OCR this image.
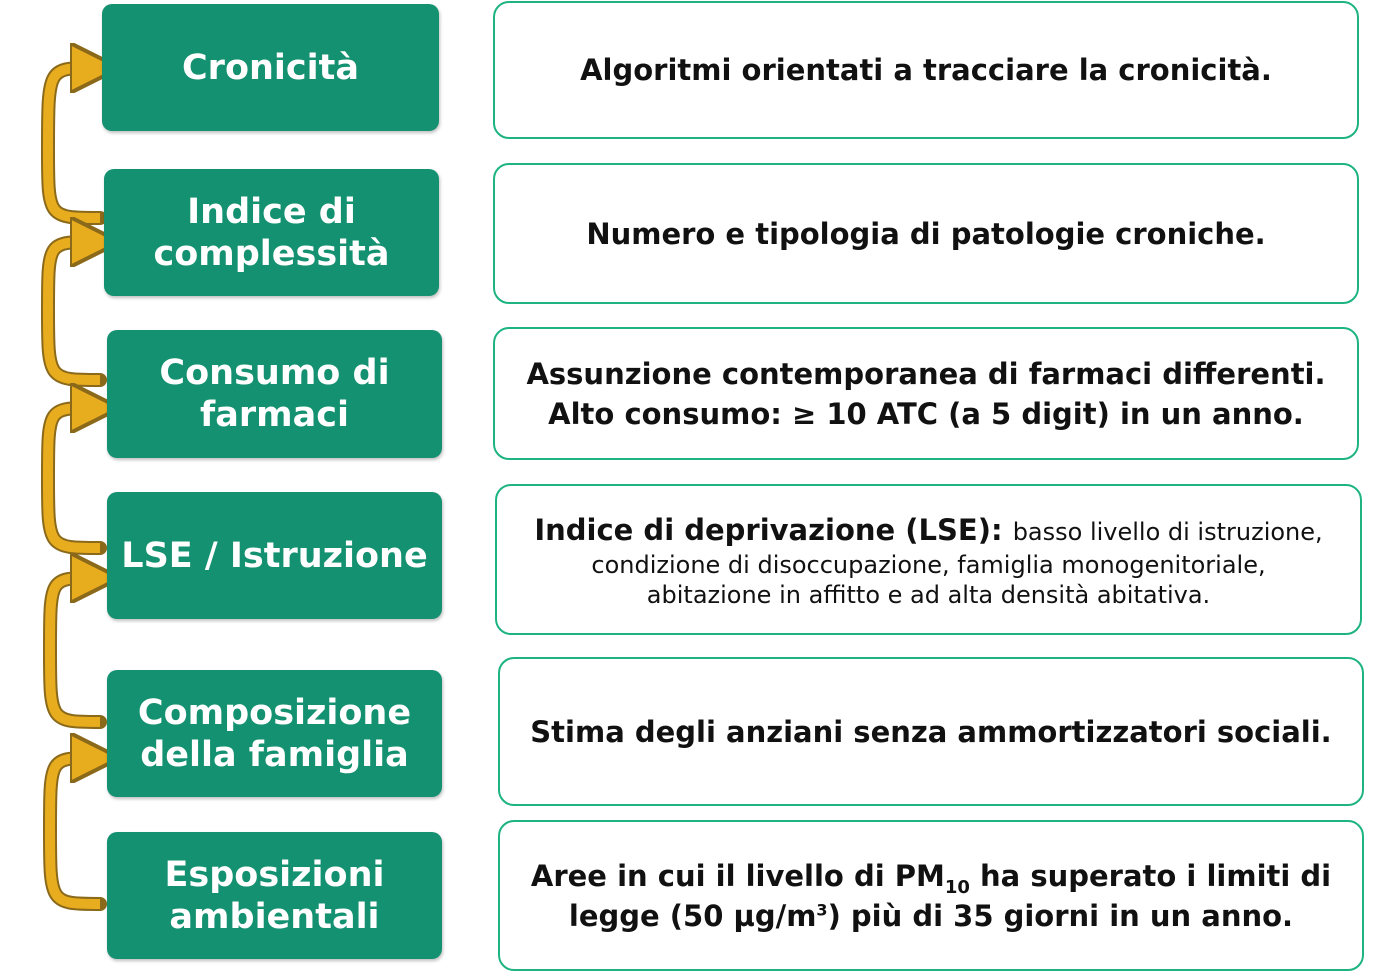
Cronicità	Algoritmi orientati a tracciare la cronicità.
Indice di
complessità	Numero e tipologia di patologie croniche.
Consumo di
farmaci
Assunzione contemporanea di farmaci differenti.
Alto consumo: ≥ 10 ATC (a 5 digit) in un anno.
LSE / Istruzione
Indice di deprivazione (LSE): basso livello di istruzione,
condizione di disoccupazione, famiglia monogenitoriale,
abitazione in affitto e ad alta densità abitativa.
Composizione
della famiglia
Stima degli anziani senza ammortizzatori sociali.
Esposizioni
ambientali
Aree in cui il livello di $PM_{10}$ ha superato i limiti di
legge (50 $\mu g/m^3$) più di 35 giorni in un anno.
